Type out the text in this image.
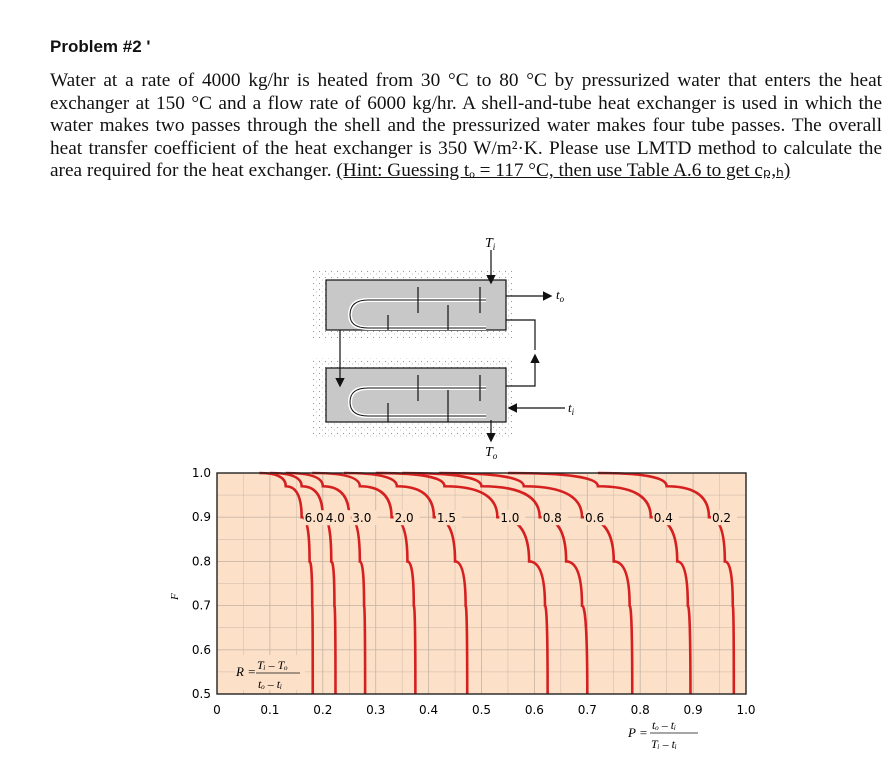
Problem #2 '
Water at a rate of 4000 kg/hr is heated from 30 °C to 80 °C by pressurized water that enters the heat exchanger at 150 °C and a flow rate of 6000 kg/hr. A shell-and-tube heat exchanger is used in which the water makes two passes through the shell and the pressurized water makes four tube passes. The overall heat transfer coefficient of the heat exchanger is 350 W/m²·K. Please use LMTD method to calculate the area required for the heat exchanger. (Hint: Guessing tₒ = 117 °C, then use Table A.6 to get cₚ,ₕ)
$T_i$
$T_o$
$t_o$
$t_i$
0	0.1	0.2	0.3	0.4	0.5	0.6	0.7	0.8	0.9	1.0
1.0
0.9
0.8
0.7
0.6
0.5
6.0 4.0 3.0 2.0 1.5	1.0 0.8 0.6	0.4	0.2
F
R = Tᵢ – Tₒ
tₒ – tᵢ
P = tₒ – tᵢ
Tᵢ – tᵢ
